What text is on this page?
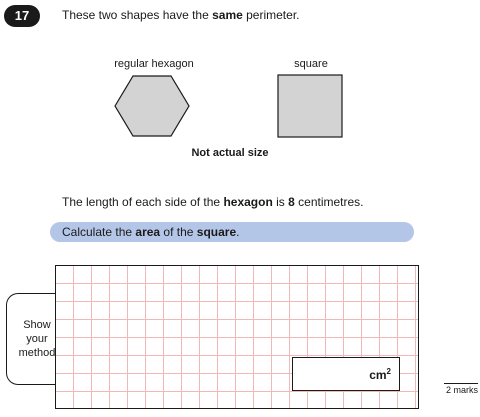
17	These two shapes have the same perimeter.
regular hexagon	square
Not actual size
The length of each side of the hexagon is 8 centimetres.
Calculate the area of the square.
Show
your
method
$cm^2$
2 marks
